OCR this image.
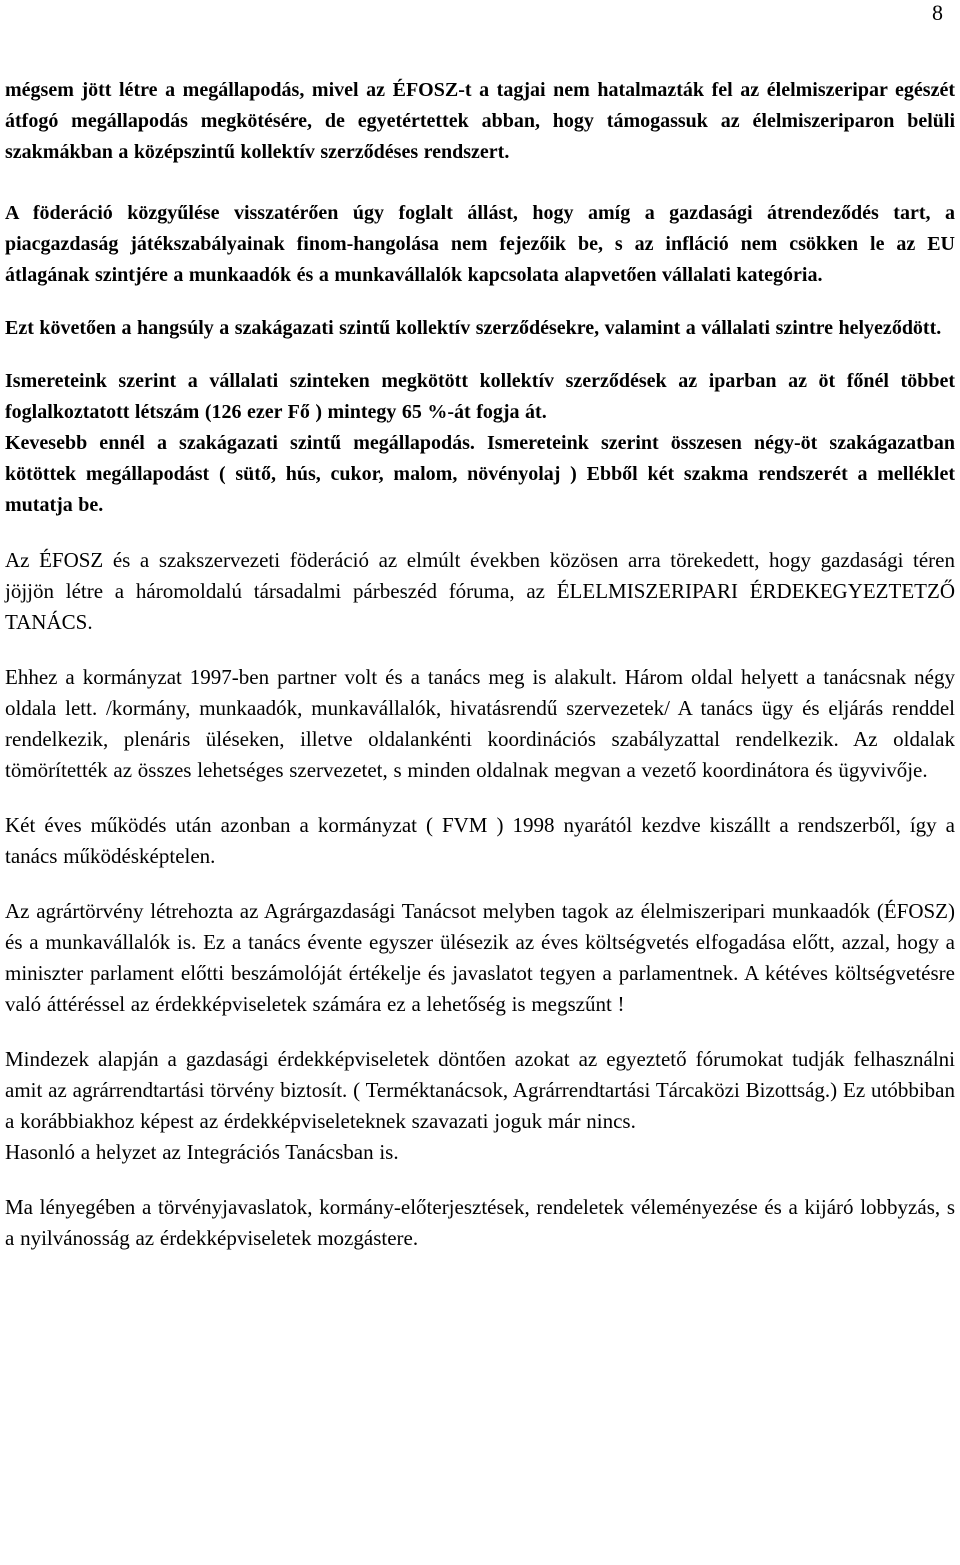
8

mégsem jött létre a megállapodás, mivel az ÉFOSZ-t a tagjai nem hatalmazták fel az élelmiszeripar egészét átfogó megállapodás megkötésére, de egyetértettek abban, hogy támogassuk az élelmiszeriparon belüli szakmákban a középszintű kollektív szerződéses rendszert.

A föderáció közgyűlése visszatérően úgy foglalt állást, hogy amíg a gazdasági átrendeződés tart, a piacgazdaság játékszabályainak finom-hangolása nem fejezőik be, s az infláció nem csökken le az EU átlagának szintjére a munkaadók és a munkavállalók kapcsolata alapvetően vállalati kategória.

Ezt követően a hangsúly a szakágazati szintű kollektív szerződésekre, valamint a vállalati szintre helyeződött.

Ismereteink szerint a vállalati szinteken megkötött kollektív szerződések az iparban az öt főnél többet foglalkoztatott létszám (126 ezer Fő ) mintegy 65 %-át fogja át.

Kevesebb ennél a szakágazati szintű megállapodás. Ismereteink szerint összesen négy-öt szakágazatban kötöttek megállapodást ( sütő, hús, cukor, malom, növényolaj ) Ebből két szakma rendszerét a melléklet mutatja be.

Az ÉFOSZ és a szakszervezeti föderáció az elmúlt években közösen arra törekedett, hogy gazdasági téren jöjjön létre a háromoldalú társadalmi párbeszéd fóruma, az ÉLELMISZERIPARI ÉRDEKEGYEZTETZŐ TANÁCS.

Ehhez a kormányzat 1997-ben partner volt és a tanács meg is alakult. Három oldal helyett a tanácsnak négy oldala lett. /kormány, munkaadók, munkavállalók, hivatásrendű szervezetek/ A tanács ügy és eljárás renddel rendelkezik, plenáris üléseken, illetve oldalankénti koordinációs szabályzattal rendelkezik. Az oldalak tömörítették az összes lehetséges szervezetet, s minden oldalnak megvan a vezető koordinátora és ügyvivője.

Két éves működés után azonban a kormányzat ( FVM ) 1998 nyarától kezdve kiszállt a rendszerből, így a tanács működésképtelen.

Az agrártörvény létrehozta az Agrárgazdasági Tanácsot melyben tagok az élelmiszeripari munkaadók (ÉFOSZ) és a munkavállalók is. Ez a tanács évente egyszer ülésezik az éves költségvetés elfogadása előtt, azzal, hogy a miniszter parlament előtti beszámolóját értékelje és javaslatot tegyen a parlamentnek. A kétéves költségvetésre való áttéréssel az érdekképviseletek számára ez a lehetőség is megszűnt !

Mindezek alapján a gazdasági érdekképviseletek döntően azokat az egyeztető fórumokat tudják felhasználni amit az agrárrendtartási törvény biztosít. ( Terméktanácsok, Agrárrendtartási Tárcaközi Bizottság.) Ez utóbbiban a korábbiakhoz képest az érdekképviseleteknek szavazati joguk már nincs.

Hasonló a helyzet az Integrációs Tanácsban is.

Ma lényegében a törvényjavaslatok, kormány-előterjesztések, rendeletek véleményezése és a kijáró lobbyzás, s a nyilvánosság az érdekképviseletek mozgástere.
